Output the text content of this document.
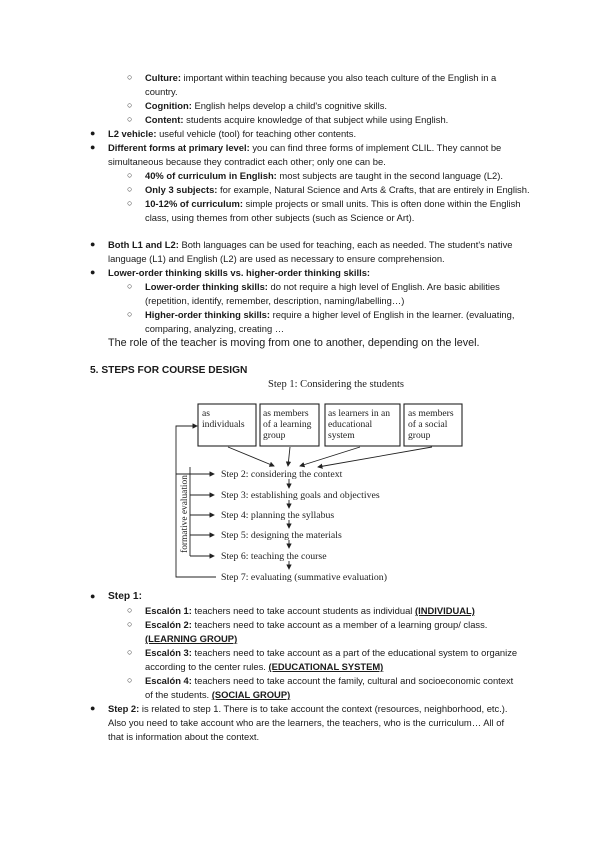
○ Culture: important within teaching because you also teach culture of the English in a
country.
○ Cognition: English helps develop a child's cognitive skills.
○ Content: students acquire knowledge of that subject while using English.
● L2 vehicle: useful vehicle (tool) for teaching other contents.
● Different forms at primary level: you can find three forms of implement CLIL. They cannot be
simultaneous because they contradict each other; only one can be.
○ 40% of curriculum in English: most subjects are taught in the second language (L2).
○ Only 3 subjects: for example, Natural Science and Arts & Crafts, that are entirely in English.
○ 10-12% of curriculum: simple projects or small units. This is often done within the English
class, using themes from other subjects (such as Science or Art).
● Both L1 and L2: Both languages can be used for teaching, each as needed. The student's native
language (L1) and English (L2) are used as necessary to ensure comprehension.
● Lower-order thinking skills vs. higher-order thinking skills:
○ Lower-order thinking skills: do not require a high level of English. Are basic abilities
(repetition, identify, remember, description, naming/labelling…)
○ Higher-order thinking skills: require a higher level of English in the learner. (evaluating,
comparing, analyzing, creating …
The role of the teacher is moving from one to another, depending on the level.
5. STEPS FOR COURSE DESIGN
Step 1: Considering the students
as
individuals
as members
of a learning
group
as learners in an
educational
system
as members
of a social
group
Step 2: considering the context
Step 3: establishing goals and objectives
Step 4: planning the syllabus
Step 5: designing the materials
Step 6: teaching the course
Step 7: evaluating (summative evaluation)
formative evaluation
● Step 1:
○ Escalón 1: teachers need to take account students as individual (INDIVIDUAL)
○ Escalón 2: teachers need to take account as a member of a learning group/ class.
(LEARNING GROUP)
○ Escalón 3: teachers need to take account as a part of the educational system to organize
according to the center rules. (EDUCATIONAL SYSTEM)
○ Escalón 4: teachers need to take account the family, cultural and socioeconomic context
of the students. (SOCIAL GROUP)
● Step 2: is related to step 1. There is to take account the context (resources, neighborhood, etc.).
Also you need to take account who are the learners, the teachers, who is the curriculum… All of
that is information about the context.
